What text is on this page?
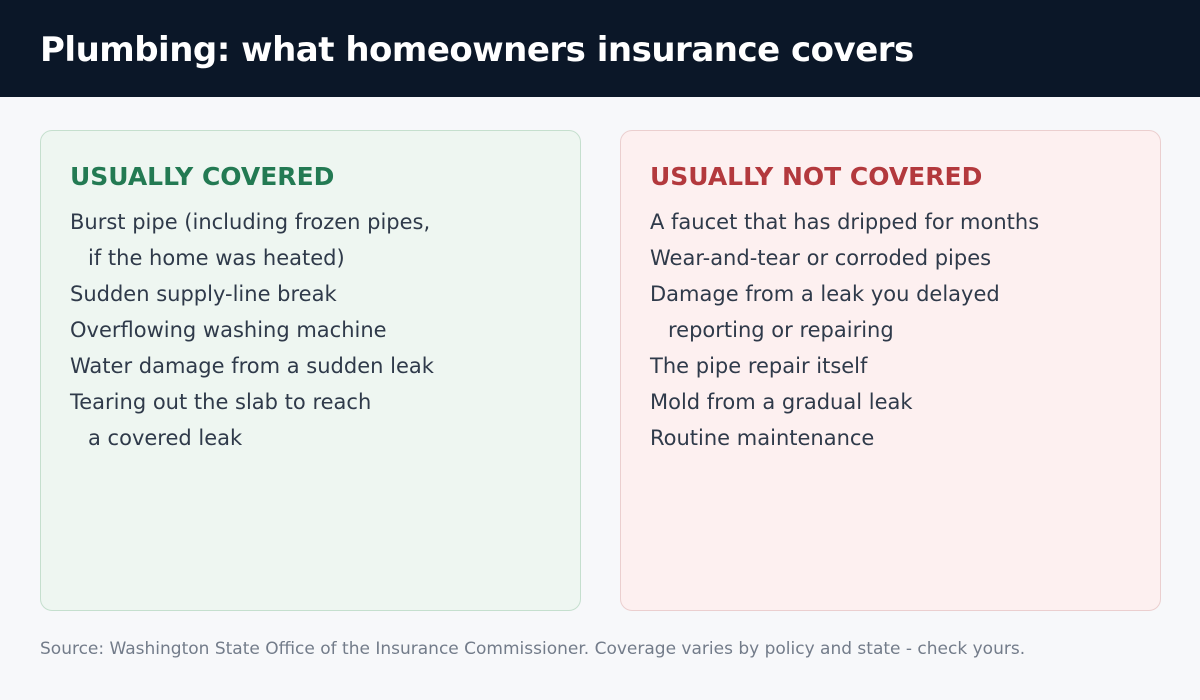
Plumbing: what homeowners insurance covers
USUALLY COVERED
Burst pipe (including frozen pipes,
if the home was heated)
Sudden supply-line break
Overflowing washing machine
Water damage from a sudden leak
Tearing out the slab to reach
a covered leak
USUALLY NOT COVERED
A faucet that has dripped for months
Wear-and-tear or corroded pipes
Damage from a leak you delayed
reporting or repairing
The pipe repair itself
Mold from a gradual leak
Routine maintenance

Source: Washington State Office of the Insurance Commissioner. Coverage varies by policy and state - check yours.
